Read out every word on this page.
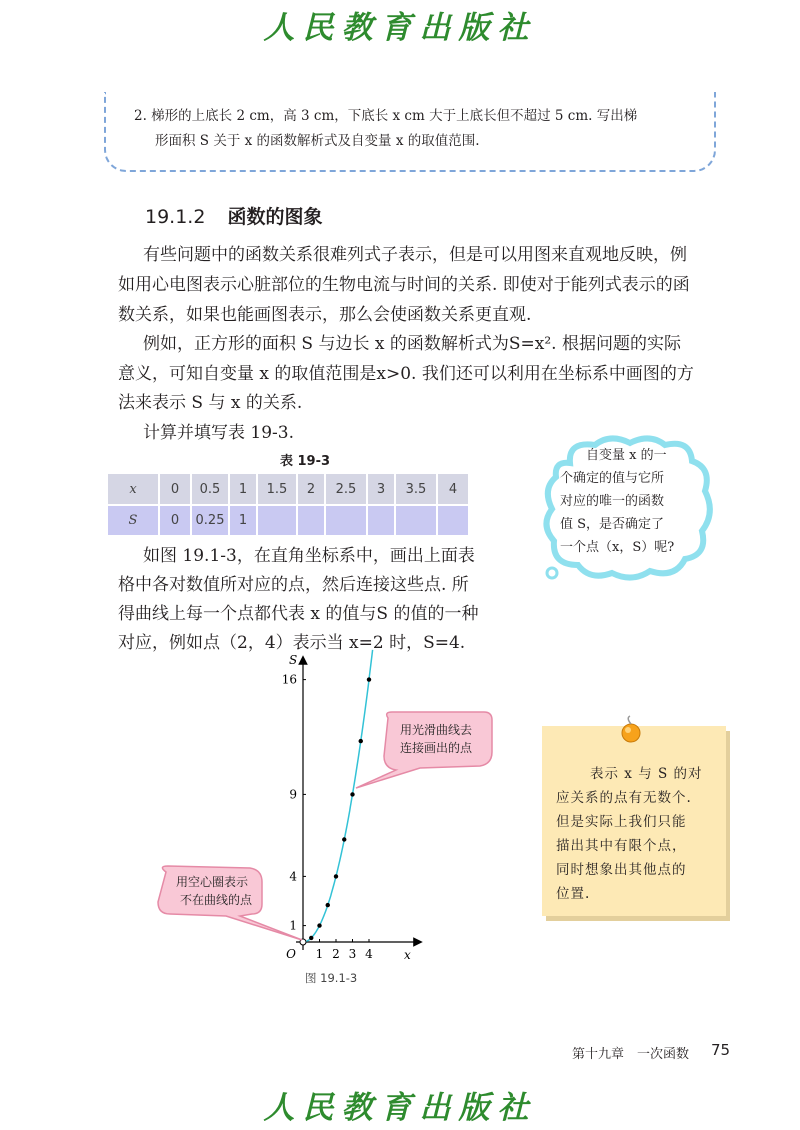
人民教育出版社
2. 梯形的上底长 2 cm，高 3 cm，下底长 x cm 大于上底长但不超过 5 cm. 写出梯
形面积 S 关于 x 的函数解析式及自变量 x 的取值范围.
19.1.2 函数的图象
有些问题中的函数关系很难列式子表示，但是可以用图来直观地反映，例
如用心电图表示心脏部位的生物电流与时间的关系. 即使对于能列式表示的函
数关系，如果也能画图表示，那么会使函数关系更直观.
例如，正方形的面积 S 与边长 x 的函数解析式为S=x². 根据问题的实际
意义，可知自变量 x 的取值范围是x>0. 我们还可以利用在坐标系中画图的方
法来表示 S 与 x 的关系.
计算并填写表 19-3.
表 19-3
x	0	0.5	1	1.5	2	2.5	3	3.5	4
S	0	0.25	1						
如图 19.1-3，在直角坐标系中，画出上面表
格中各对数值所对应的点，然后连接这些点. 所
得曲线上每一个点都代表 x 的值与S 的值的一种
对应，例如点（2，4）表示当 x=2 时，S=4.
自变量 x 的一
个确定的值与它所
对应的唯一的函数
值 S，是否确定了
一个点（x，S）呢?
表示 x 与 S 的对
应关系的点有无数个.
但是实际上我们只能
描出其中有限个点，
同时想象出其他点的
位置.
1 2 3 4
1
4
9
16
O	x
S
用光滑曲线去
连接画出的点
用空心圈表示
不在曲线的点
图 19.1-3
第十九章　一次函数 75
人民教育出版社
